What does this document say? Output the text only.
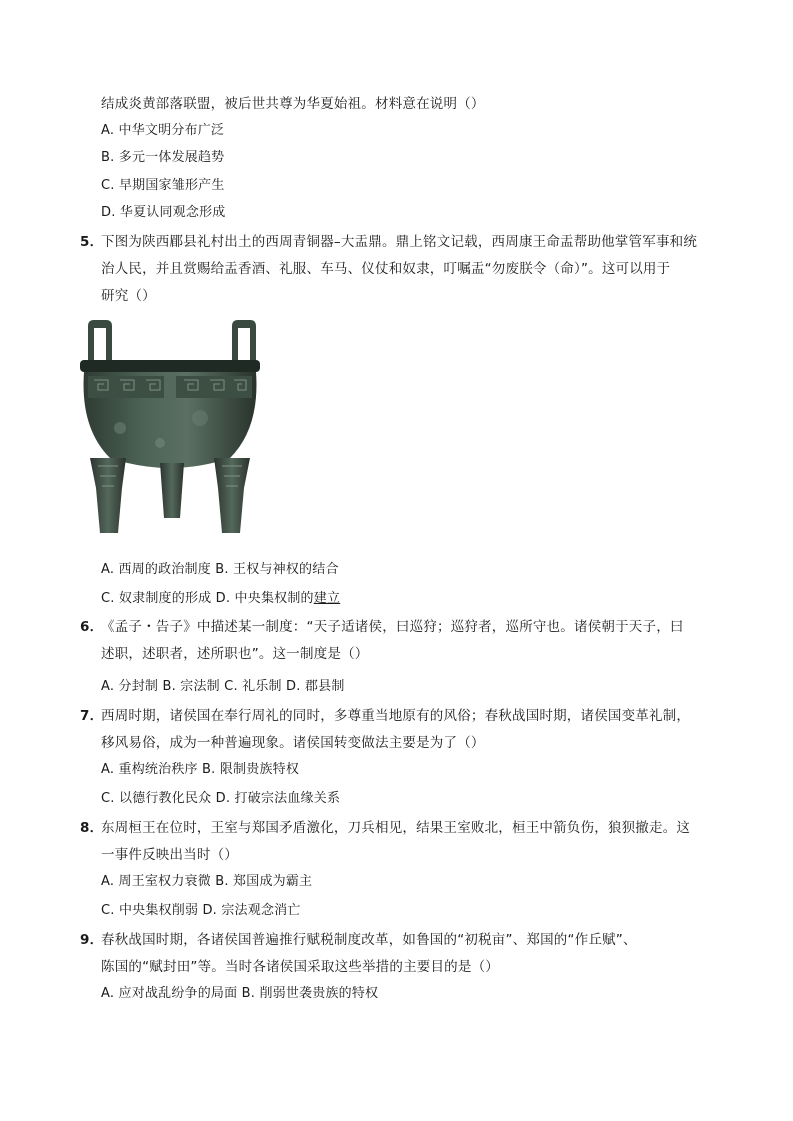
结成炎黄部落联盟，被后世共尊为华夏始祖。材料意在说明（）
A. 中华文明分布广泛
B. 多元一体发展趋势
C. 早期国家雏形产生
D. 华夏认同观念形成
5．
下图为陕西郿县礼村出土的西周青铜器–大盂鼎。鼎上铭文记载，西周康王命盂帮助他掌管军事和统
治人民，并且赏赐给盂香酒、礼服、车马、仪仗和奴隶，叮嘱盂“勿废朕令（命）”。这可以用于
研究（）
A. 西周的政治制度 B. 王权与神权的结合
C. 奴隶制度的形成 D. 中央集权制的建立
6．
《孟子・告子》中描述某一制度：“天子适诸侯，曰巡狩；巡狩者，巡所守也。诸侯朝于天子，曰
述职，述职者，述所职也”。这一制度是（）
A. 分封制 B. 宗法制 C. 礼乐制 D. 郡县制
7．
西周时期，诸侯国在奉行周礼的同时，多尊重当地原有的风俗；春秋战国时期，诸侯国变革礼制，
移风易俗，成为一种普遍现象。诸侯国转变做法主要是为了（）
A. 重构统治秩序 B. 限制贵族特权
C. 以德行教化民众 D. 打破宗法血缘关系
8．
东周桓王在位时，王室与郑国矛盾激化，刀兵相见，结果王室败北，桓王中箭负伤，狼狈撤走。这
一事件反映出当时（）
A. 周王室权力衰微 B. 郑国成为霸主
C. 中央集权削弱 D. 宗法观念消亡
9．
春秋战国时期，各诸侯国普遍推行赋税制度改革，如鲁国的“初税亩”、郑国的“作丘赋”、
陈国的“赋封田”等。当时各诸侯国采取这些举措的主要目的是（）
A. 应对战乱纷争的局面 B. 削弱世袭贵族的特权
